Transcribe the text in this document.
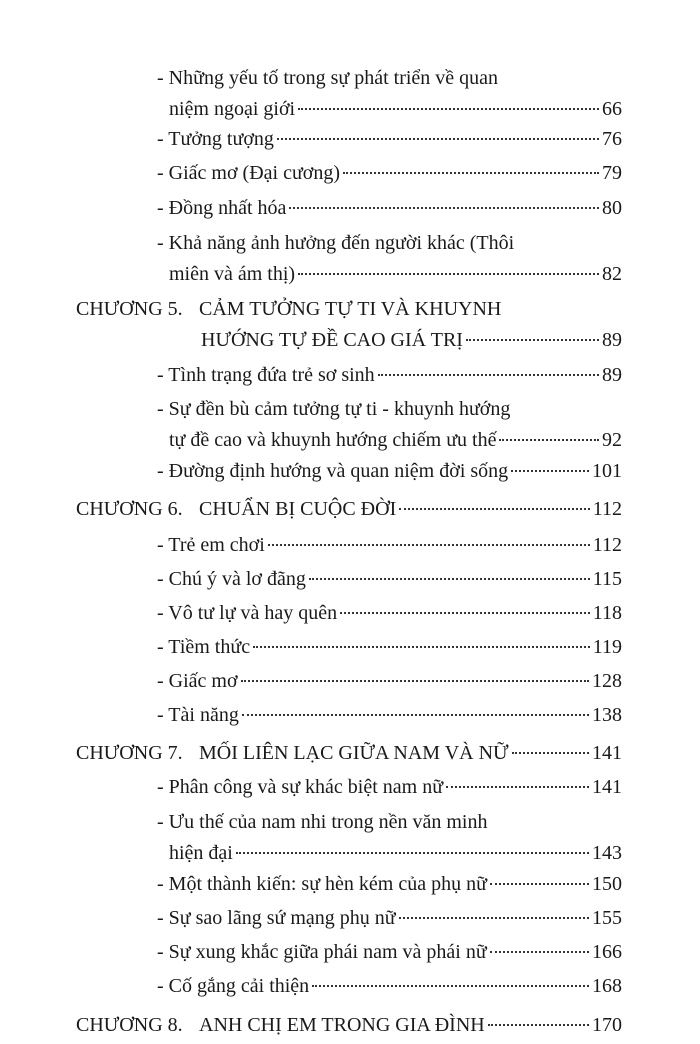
- Những yếu tố trong sự phát triển về quan
niệm ngoại giới	66
- Tưởng tượng	76
- Giấc mơ (Đại cương)	79
- Đồng nhất hóa	80
- Khả năng ảnh hưởng đến người khác (Thôi
miên và ám thị)	82
CHƯƠNG 5. CẢM TƯỞNG TỰ TI VÀ KHUYNH
HƯỚNG TỰ ĐỀ CAO GIÁ TRỊ	89
- Tình trạng đứa trẻ sơ sinh	89
- Sự đền bù cảm tưởng tự ti - khuynh hướng
tự đề cao và khuynh hướng chiếm ưu thế	92
- Đường định hướng và quan niệm đời sống	101
CHƯƠNG 6. CHUẨN BỊ CUỘC ĐỜI	112
- Trẻ em chơi	112
- Chú ý và lơ đãng	115
- Vô tư lự và hay quên	118
- Tiềm thức	119
- Giấc mơ	128
- Tài năng	138
CHƯƠNG 7. MỐI LIÊN LẠC GIỮA NAM VÀ NỮ	141
- Phân công và sự khác biệt nam nữ	141
- Ưu thế của nam nhi trong nền văn minh
hiện đại	143
- Một thành kiến: sự hèn kém của phụ nữ	150
- Sự sao lãng sứ mạng phụ nữ	155
- Sự xung khắc giữa phái nam và phái nữ	166
- Cố gắng cải thiện	168
CHƯƠNG 8. ANH CHỊ EM TRONG GIA ĐÌNH	170
